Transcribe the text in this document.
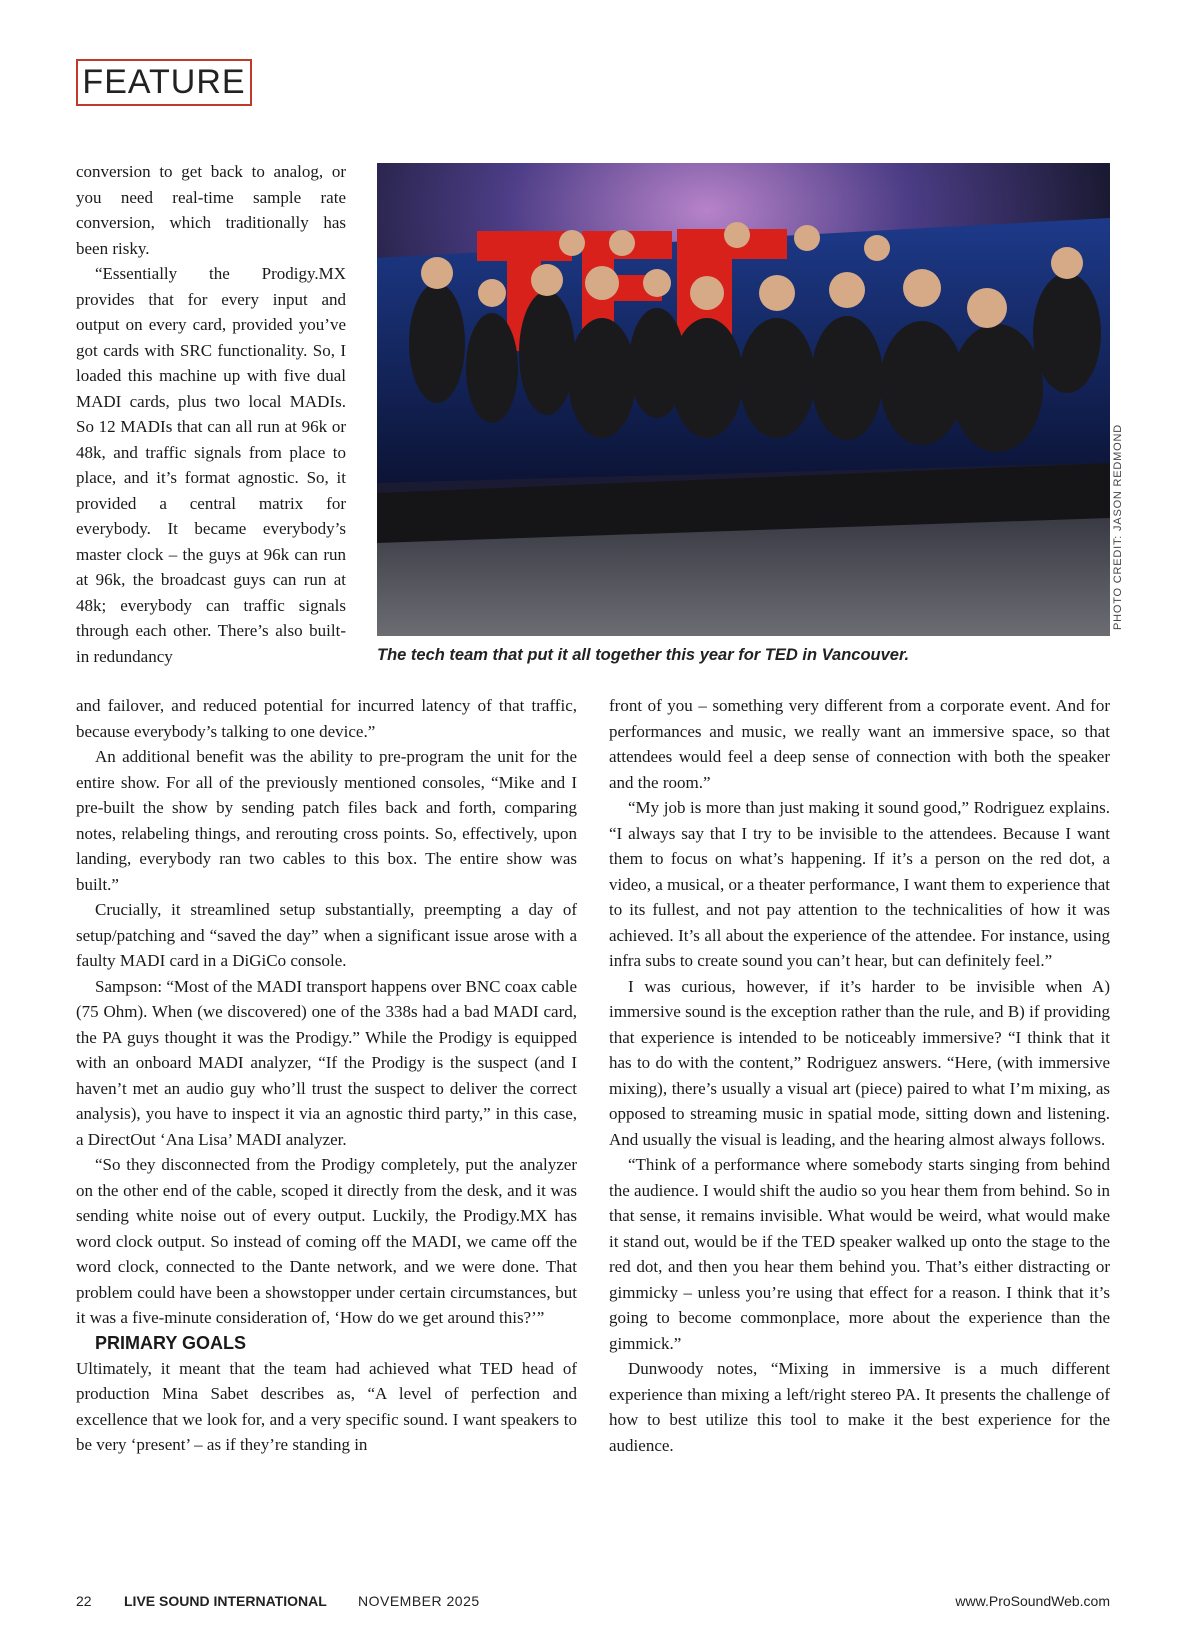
FEATURE
PHOTO CREDIT: JASON REDMOND
The tech team that put it all together this year for TED in Vancouver.

conversion to get back to analog, or you need real-time sample rate conversion, which traditionally has been risky.

“Essentially the Prodigy.MX provides that for every input and output on every card, provided you’ve got cards with SRC functionality. So, I loaded this machine up with five dual MADI cards, plus two local MADIs. So 12 MADIs that can all run at 96k or 48k, and traffic signals from place to place, and it’s format agnostic. So, it provided a central matrix for everybody. It became everybody’s master clock – the guys at 96k can run at 96k, the broadcast guys can run at 48k; everybody can traffic signals through each other. There’s also built-in redundancy

and failover, and reduced potential for incurred latency of that traffic, because everybody’s talking to one device.”

An additional benefit was the ability to pre-program the unit for the entire show. For all of the previously mentioned consoles, “Mike and I pre-built the show by sending patch files back and forth, comparing notes, relabeling things, and rerouting cross points. So, effectively, upon landing, everybody ran two cables to this box. The entire show was built.”

Crucially, it streamlined setup substantially, preempting a day of setup/patching and “saved the day” when a significant issue arose with a faulty MADI card in a DiGiCo console.

Sampson: “Most of the MADI transport happens over BNC coax cable (75 Ohm). When (we discovered) one of the 338s had a bad MADI card, the PA guys thought it was the Prodigy.” While the Prodigy is equipped with an onboard MADI analyzer, “If the Prodigy is the suspect (and I haven’t met an audio guy who’ll trust the suspect to deliver the correct analysis), you have to inspect it via an agnostic third party,” in this case, a DirectOut ‘Ana Lisa’ MADI analyzer.

“So they disconnected from the Prodigy completely, put the analyzer on the other end of the cable, scoped it directly from the desk, and it was sending white noise out of every output. Luckily, the Prodigy.MX has word clock output. So instead of coming off the MADI, we came off the word clock, connected to the Dante network, and we were done. That problem could have been a showstopper under certain circumstances, but it was a five-minute consideration of, ‘How do we get around this?’”

PRIMARY GOALS

Ultimately, it meant that the team had achieved what TED head of production Mina Sabet describes as, “A level of perfection and excellence that we look for, and a very specific sound. I want speakers to be very ‘present’ – as if they’re standing in

front of you – something very different from a corporate event. And for performances and music, we really want an immersive space, so that attendees would feel a deep sense of connection with both the speaker and the room.”

“My job is more than just making it sound good,” Rodriguez explains. “I always say that I try to be invisible to the attendees. Because I want them to focus on what’s happening. If it’s a person on the red dot, a video, a musical, or a theater performance, I want them to experience that to its fullest, and not pay attention to the technicalities of how it was achieved. It’s all about the experience of the attendee. For instance, using infra subs to create sound you can’t hear, but can definitely feel.”

I was curious, however, if it’s harder to be invisible when A) immersive sound is the exception rather than the rule, and B) if providing that experience is intended to be noticeably immersive? “I think that it has to do with the content,” Rodriguez answers. “Here, (with immersive mixing), there’s usually a visual art (piece) paired to what I’m mixing, as opposed to streaming music in spatial mode, sitting down and listening. And usually the visual is leading, and the hearing almost always follows.

“Think of a performance where somebody starts singing from behind the audience. I would shift the audio so you hear them from behind. So in that sense, it remains invisible. What would be weird, what would make it stand out, would be if the TED speaker walked up onto the stage to the red dot, and then you hear them behind you. That’s either distracting or gimmicky – unless you’re using that effect for a reason. I think that it’s going to become commonplace, more about the experience than the gimmick.”

Dunwoody notes, “Mixing in immersive is a much different experience than mixing a left/right stereo PA. It presents the challenge of how to best utilize this tool to make it the best experience for the audience.

22 LIVE SOUND INTERNATIONAL NOVEMBER 2025	www.ProSoundWeb.com
